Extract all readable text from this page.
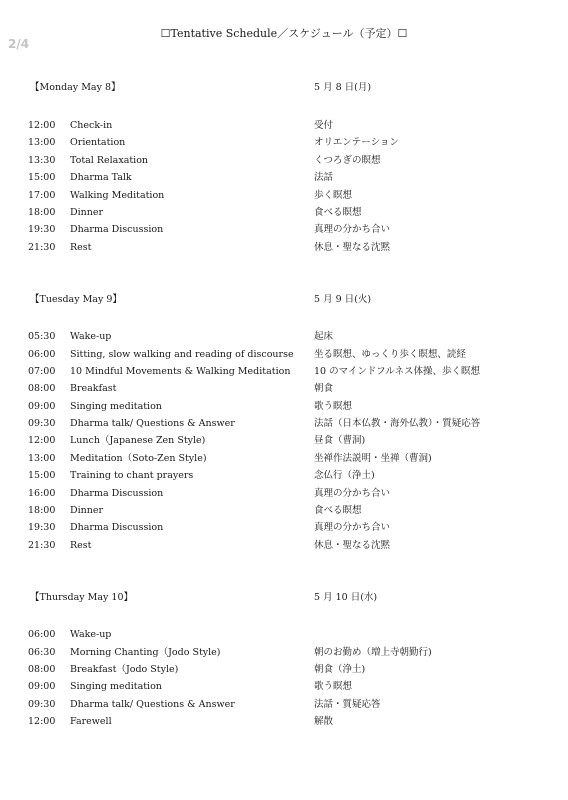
2/4
☐Tentative Schedule／スケジュール（予定）☐
【Monday May 8】	5 月 8 日(月)
12:00 Check-in	受付
13:00 Orientation	オリエンテーション
13:30 Total Relaxation	くつろぎの瞑想
15:00 Dharma Talk	法話
17:00 Walking Meditation	歩く瞑想
18:00 Dinner	食べる瞑想
19:30 Dharma Discussion	真理の分かち合い
21:30 Rest	休息・聖なる沈黙
【Tuesday May 9】	5 月 9 日(火)
05:30 Wake-up	起床
06:00 Sitting, slow walking and reading of discourse 坐る瞑想、ゆっくり歩く瞑想、読経
07:00 10 Mindful Movements & Walking Meditation 10 のマインドフルネス体操、歩く瞑想
08:00 Breakfast	朝食
09:00 Singing meditation	歌う瞑想
09:30 Dharma talk/ Questions & Answer	法話（日本仏教・海外仏教）・質疑応答
12:00 Lunch（Japanese Zen Style)	昼食（曹洞)
13:00 Meditation（Soto-Zen Style)	坐禅作法説明・坐禅（曹洞)
15:00 Training to chant prayers	念仏行（浄土)
16:00 Dharma Discussion	真理の分かち合い
18:00 Dinner	食べる瞑想
19:30 Dharma Discussion	真理の分かち合い
21:30 Rest	休息・聖なる沈黙
【Thursday May 10】	5 月 10 日(水)
06:00 Wake-up
06:30 Morning Chanting（Jodo Style)	朝のお勤め（増上寺朝勤行)
08:00 Breakfast（Jodo Style)	朝食（浄土)
09:00 Singing meditation	歌う瞑想
09:30 Dharma talk/ Questions & Answer	法話・質疑応答
12:00 Farewell	解散
